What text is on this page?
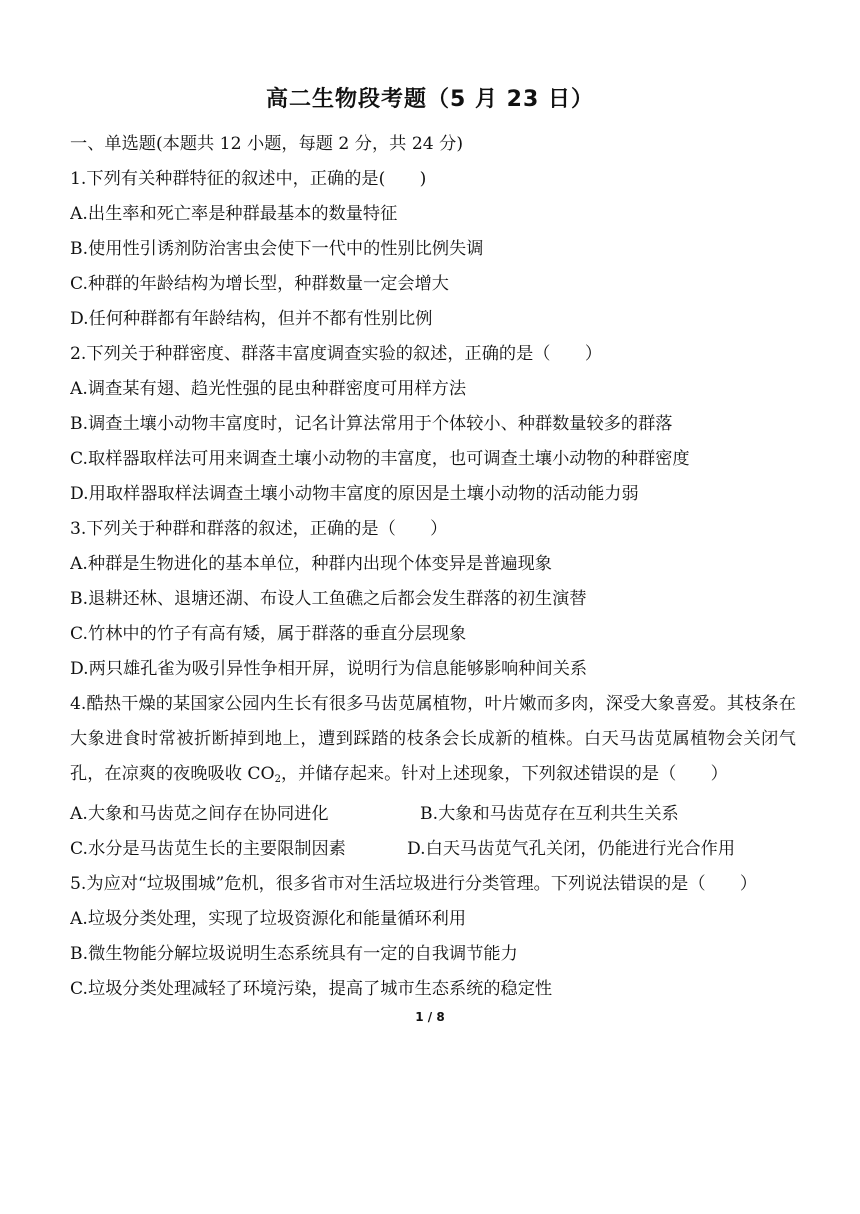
高二生物段考题（5 月 23 日）
一、单选题(本题共 12 小题，每题 2 分，共 24 分)
1.下列有关种群特征的叙述中，正确的是(　　)
A.出生率和死亡率是种群最基本的数量特征
B.使用性引诱剂防治害虫会使下一代中的性别比例失调
C.种群的年龄结构为增长型，种群数量一定会增大
D.任何种群都有年龄结构，但并不都有性别比例
2.下列关于种群密度、群落丰富度调查实验的叙述，正确的是（　　）
A.调查某有翅、趋光性强的昆虫种群密度可用样方法
B.调查土壤小动物丰富度时，记名计算法常用于个体较小、种群数量较多的群落
C.取样器取样法可用来调查土壤小动物的丰富度，也可调查土壤小动物的种群密度
D.用取样器取样法调查土壤小动物丰富度的原因是土壤小动物的活动能力弱
3.下列关于种群和群落的叙述，正确的是（　　）
A.种群是生物进化的基本单位，种群内出现个体变异是普遍现象
B.退耕还林、退塘还湖、布设人工鱼礁之后都会发生群落的初生演替
C.竹林中的竹子有高有矮，属于群落的垂直分层现象
D.两只雄孔雀为吸引异性争相开屏，说明行为信息能够影响种间关系
4.酷热干燥的某国家公园内生长有很多马齿苋属植物，叶片嫩而多肉，深受大象喜爱。其枝条在大象进食时常被折断掉到地上，遭到踩踏的枝条会长成新的植株。白天马齿苋属植物会关闭气孔，在凉爽的夜晚吸收 $CO_2$，并储存起来。针对上述现象，下列叙述错误的是（　　）
A.大象和马齿苋之间存在协同进化	B.大象和马齿苋存在互利共生关系
C.水分是马齿苋生长的主要限制因素	D.白天马齿苋气孔关闭，仍能进行光合作用
5.为应对“垃圾围城”危机，很多省市对生活垃圾进行分类管理。下列说法错误的是（　　）
A.垃圾分类处理，实现了垃圾资源化和能量循环利用
B.微生物能分解垃圾说明生态系统具有一定的自我调节能力
C.垃圾分类处理减轻了环境污染，提高了城市生态系统的稳定性
1 / 8
